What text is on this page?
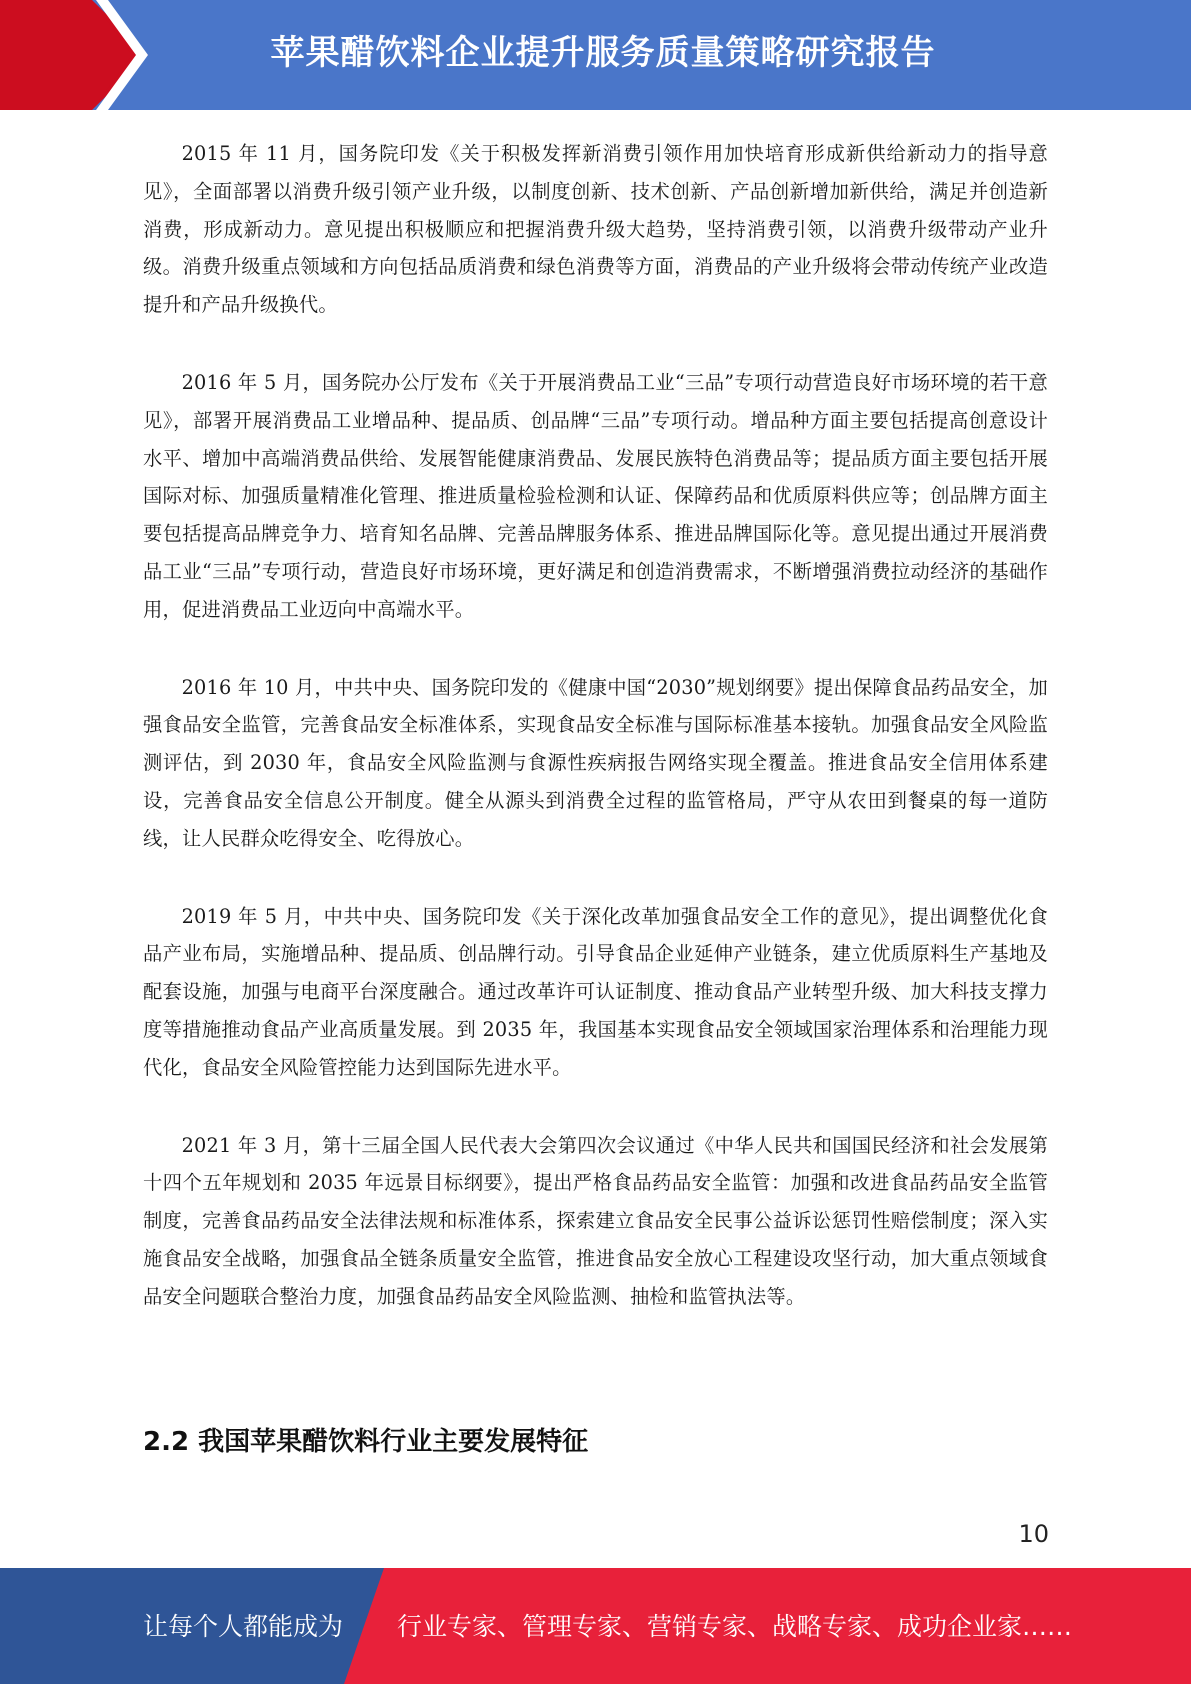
苹果醋饮料企业提升服务质量策略研究报告

2015 年 11 月，国务院印发《关于积极发挥新消费引领作用加快培育形成新供给新动力的指导意见》，全面部署以消费升级引领产业升级，以制度创新、技术创新、产品创新增加新供给，满足并创造新消费，形成新动力。意见提出积极顺应和把握消费升级大趋势，坚持消费引领，以消费升级带动产业升级。消费升级重点领域和方向包括品质消费和绿色消费等方面，消费品的产业升级将会带动传统产业改造提升和产品升级换代。

2016 年 5 月，国务院办公厅发布《关于开展消费品工业“三品”专项行动营造良好市场环境的若干意见》，部署开展消费品工业增品种、提品质、创品牌“三品”专项行动。增品种方面主要包括提高创意设计水平、增加中高端消费品供给、发展智能健康消费品、发展民族特色消费品等；提品质方面主要包括开展国际对标、加强质量精准化管理、推进质量检验检测和认证、保障药品和优质原料供应等；创品牌方面主要包括提高品牌竞争力、培育知名品牌、完善品牌服务体系、推进品牌国际化等。意见提出通过开展消费品工业“三品”专项行动，营造良好市场环境，更好满足和创造消费需求，不断增强消费拉动经济的基础作用，促进消费品工业迈向中高端水平。

2016 年 10 月，中共中央、国务院印发的《健康中国“2030”规划纲要》提出保障食品药品安全，加强食品安全监管，完善食品安全标准体系，实现食品安全标准与国际标准基本接轨。加强食品安全风险监测评估，到 2030 年，食品安全风险监测与食源性疾病报告网络实现全覆盖。推进食品安全信用体系建设，完善食品安全信息公开制度。健全从源头到消费全过程的监管格局，严守从农田到餐桌的每一道防线，让人民群众吃得安全、吃得放心。

2019 年 5 月，中共中央、国务院印发《关于深化改革加强食品安全工作的意见》，提出调整优化食品产业布局，实施增品种、提品质、创品牌行动。引导食品企业延伸产业链条，建立优质原料生产基地及配套设施，加强与电商平台深度融合。通过改革许可认证制度、推动食品产业转型升级、加大科技支撑力度等措施推动食品产业高质量发展。到 2035 年，我国基本实现食品安全领域国家治理体系和治理能力现代化，食品安全风险管控能力达到国际先进水平。

2021 年 3 月，第十三届全国人民代表大会第四次会议通过《中华人民共和国国民经济和社会发展第十四个五年规划和 2035 年远景目标纲要》，提出严格食品药品安全监管：加强和改进食品药品安全监管制度，完善食品药品安全法律法规和标准体系，探索建立食品安全民事公益诉讼惩罚性赔偿制度；深入实施食品安全战略，加强食品全链条质量安全监管，推进食品安全放心工程建设攻坚行动，加大重点领域食品安全问题联合整治力度，加强食品药品安全风险监测、抽检和监管执法等。

2.2 我国苹果醋饮料行业主要发展特征
10
让每个人都能成为 行业专家、管理专家、营销专家、战略专家、成功企业家……
